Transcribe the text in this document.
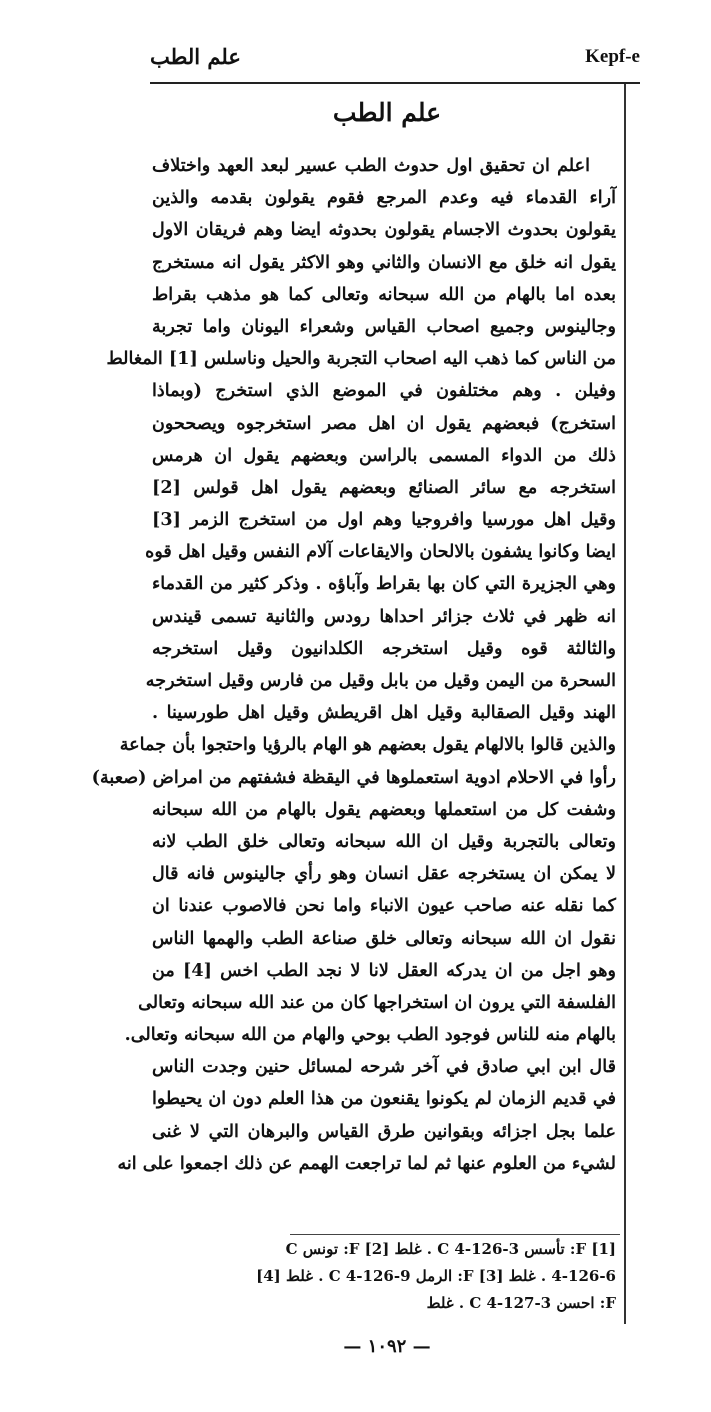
علم الطب	Kepf-e
علم الطب
اعلم ان تحقيق اول حدوث الطب عسير لبعد العهد واختلاف
آراء القدماء فيه وعدم المرجع فقوم يقولون بقدمه والذين
يقولون بحدوث الاجسام يقولون بحدوثه ايضا وهم فريقان الاول
يقول انه خلق مع الانسان والثاني وهو الاكثر يقول انه مستخرج
بعده اما بالهام من الله سبحانه وتعالى كما هو مذهب بقراط
وجالينوس وجميع اصحاب القياس وشعراء اليونان واما تجربة
من الناس كما ذهب اليه اصحاب التجربة والحيل وناسلس [1] المغالط
وفيلن . وهم مختلفون في الموضع الذي استخرج (وبماذا
استخرج) فبعضهم يقول ان اهل مصر استخرجوه ويصححون
ذلك من الدواء المسمى بالراسن وبعضهم يقول ان هرمس
استخرجه مع سائر الصنائع وبعضهم يقول اهل قولس [2]
وقيل اهل مورسيا وافروجيا وهم اول من استخرج الزمر [3]
ايضا وكانوا يشفون بالالحان والايقاعات آلام النفس وقيل اهل قوه
وهي الجزيرة التي كان بها بقراط وآباؤه . وذكر كثير من القدماء
انه ظهر في ثلاث جزائر احداها رودس والثانية تسمى قيندس
والثالثة قوه وقيل استخرجه الكلدانيون وقيل استخرجه
السحرة من اليمن وقيل من بابل وقيل من فارس وقيل استخرجه
الهند وقيل الصقالبة وقيل اهل اقريطش وقيل اهل طورسينا .
والذين قالوا بالالهام يقول بعضهم هو الهام بالرؤيا واحتجوا بأن جماعة
رأوا في الاحلام ادوية استعملوها في اليقظة فشفتهم من امراض (صعبة)
وشفت كل من استعملها وبعضهم يقول بالهام من الله سبحانه
وتعالى بالتجربة وقيل ان الله سبحانه وتعالى خلق الطب لانه
لا يمكن ان يستخرجه عقل انسان وهو رأي جالينوس فانه قال
كما نقله عنه صاحب عيون الانباء واما نحن فالاصوب عندنا ان
نقول ان الله سبحانه وتعالى خلق صناعة الطب والهمها الناس
وهو اجل من ان يدركه العقل لانا لا نجد الطب اخس [4] من
الفلسفة التي يرون ان استخراجها كان من عند الله سبحانه وتعالى
بالهام منه للناس فوجود الطب بوحي والهام من الله سبحانه وتعالى.
قال ابن ابي صادق في آخر شرحه لمسائل حنين وجدت الناس
في قديم الزمان لم يكونوا يقنعون من هذا العلم دون ان يحيطوا
علما بجل اجزائه وبقوانين طرق القياس والبرهان التي لا غنى
لشيء من العلوم عنها ثم لما تراجعت الهمم عن ذلك اجمعوا على انه
[1] F: تأسس C 4-126-3 . غلط [2] F: تونس C
4-126-6 . غلط [3] F: الرمل C 4-126-9 . غلط [4]
F: احسن C 4-127-3 . غلط
— ١٠٩٢ —
